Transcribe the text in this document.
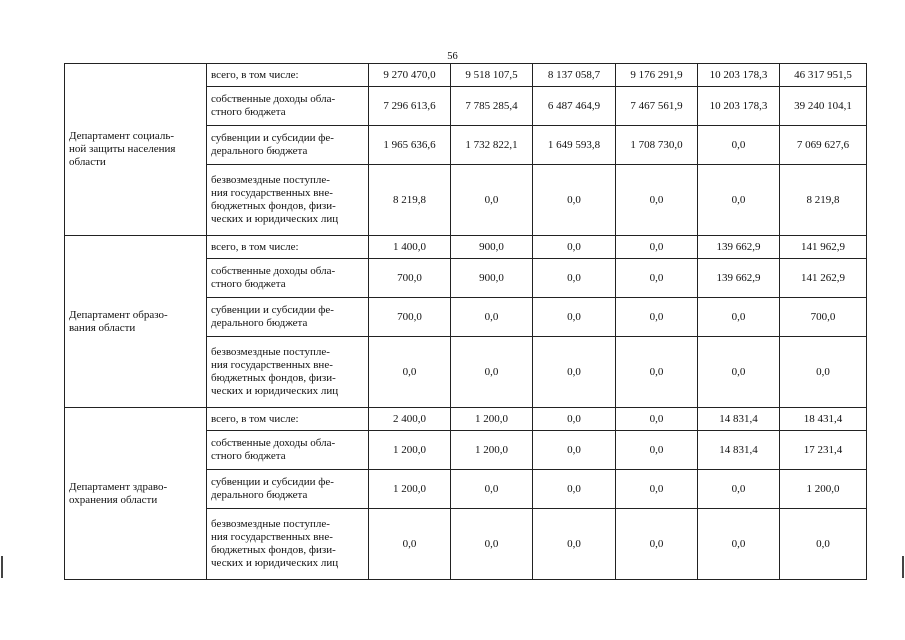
56
Департамент социаль-
ной защиты населения
области	всего, в том числе:	9 270 470,0	9 518 107,5	8 137 058,7	9 176 291,9	10 203 178,3	46 317 951,5
	собственные доходы обла-
стного бюджета	7 296 613,6	7 785 285,4	6 487 464,9	7 467 561,9	10 203 178,3	39 240 104,1
	субвенции и субсидии фе-
дерального бюджета	1 965 636,6	1 732 822,1	1 649 593,8	1 708 730,0	0,0	7 069 627,6
	безвозмездные поступле-
ния государственных вне-
бюджетных фондов, физи-
ческих и юридических лиц	8 219,8	0,0	0,0	0,0	0,0	8 219,8
Департамент образо-
вания области	всего, в том числе:	1 400,0	900,0	0,0	0,0	139 662,9	141 962,9
	собственные доходы обла-
стного бюджета	700,0	900,0	0,0	0,0	139 662,9	141 262,9
	субвенции и субсидии фе-
дерального бюджета	700,0	0,0	0,0	0,0	0,0	700,0
	безвозмездные поступле-
ния государственных вне-
бюджетных фондов, физи-
ческих и юридических лиц	0,0	0,0	0,0	0,0	0,0	0,0
Департамент здраво-
охранения области	всего, в том числе:	2 400,0	1 200,0	0,0	0,0	14 831,4	18 431,4
	собственные доходы обла-
стного бюджета	1 200,0	1 200,0	0,0	0,0	14 831,4	17 231,4
	субвенции и субсидии фе-
дерального бюджета	1 200,0	0,0	0,0	0,0	0,0	1 200,0
	безвозмездные поступле-
ния государственных вне-
бюджетных фондов, физи-
ческих и юридических лиц	0,0	0,0	0,0	0,0	0,0	0,0
